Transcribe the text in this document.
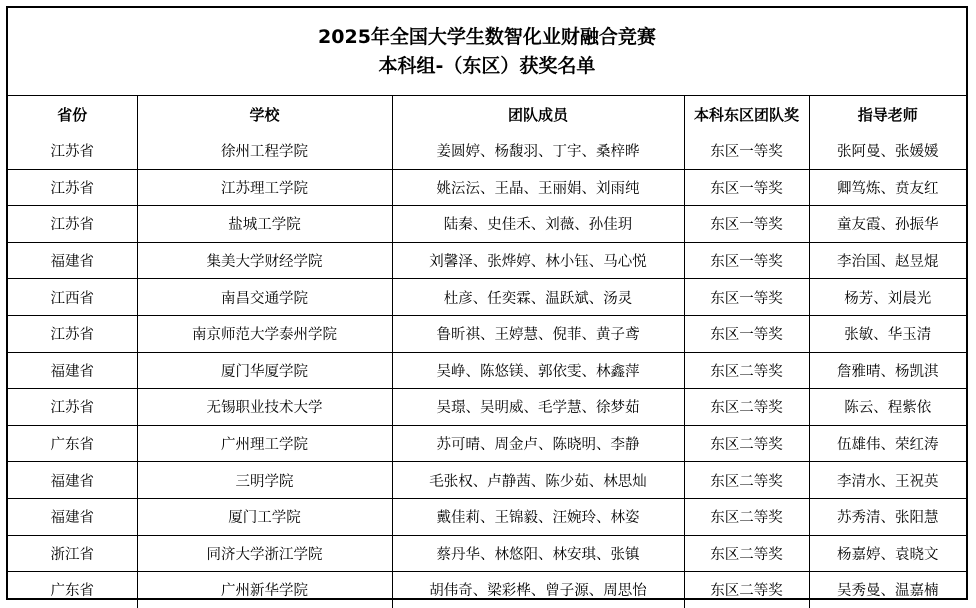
2025年全国大学生数智化业财融合竞赛
本科组-（东区）获奖名单
省份	学校	团队成员	本科东区团队奖	指导老师
江苏省	徐州工程学院	姜圆婷、杨馥羽、丁宇、桑梓晔	东区一等奖	张阿曼、张媛媛
江苏省	江苏理工学院	姚沄沄、王晶、王丽娟、刘雨纯	东区一等奖	卿笃炼、贲友红
江苏省	盐城工学院	陆秦、史佳禾、刘薇、孙佳玥	东区一等奖	童友霞、孙振华
福建省	集美大学财经学院	刘馨泽、张烨婷、林小钰、马心悦	东区一等奖	李治国、赵昱焜
江西省	南昌交通学院	杜彦、任奕霖、温跃斌、汤灵	东区一等奖	杨芳、刘晨光
江苏省	南京师范大学泰州学院	鲁昕祺、王婷慧、倪菲、黄子鸢	东区一等奖	张敏、华玉清
福建省	厦门华厦学院	吴峥、陈悠镁、郭依雯、林鑫萍	东区二等奖	詹雅晴、杨凯淇
江苏省	无锡职业技术大学	吴璟、吴明威、毛学慧、徐梦茹	东区二等奖	陈云、程紫依
广东省	广州理工学院	苏可晴、周金卢、陈晓明、李静	东区二等奖	伍雄伟、荣红涛
福建省	三明学院	毛张权、卢静茜、陈少茹、林思灿	东区二等奖	李清水、王祝英
福建省	厦门工学院	戴佳莉、王锦毅、汪婉玲、林姿	东区二等奖	苏秀清、张阳慧
浙江省	同济大学浙江学院	蔡丹华、林悠阳、林安琪、张镇	东区二等奖	杨嘉婷、袁晓文
广东省	广州新华学院	胡伟奇、梁彩桦、曾子源、周思怡	东区二等奖	吴秀曼、温嘉楠
